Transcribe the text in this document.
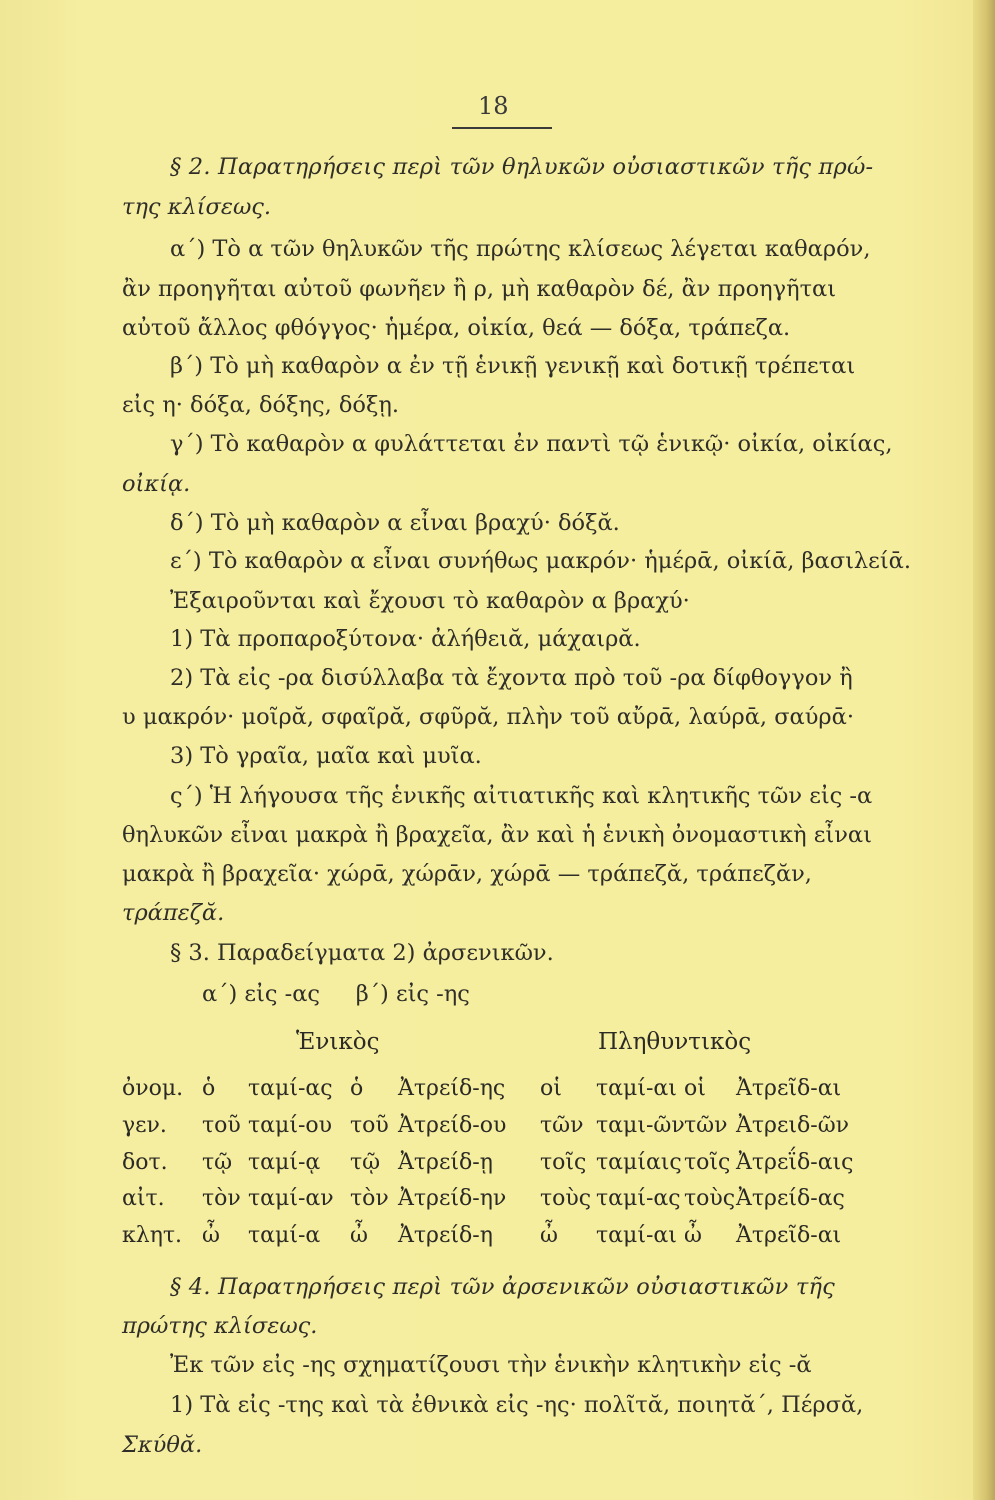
18
§ 2. Παρατηρήσεις περὶ τῶν θηλυκῶν οὐσιαστικῶν τῆς πρώ-
της κλίσεως.
α΄) Τὸ α τῶν θηλυκῶν τῆς πρώτης κλίσεως λέγεται καθαρόν,
ἂν προηγῆται αὐτοῦ φωνῆεν ἢ ρ, μὴ καθαρὸν δέ, ἂν προηγῆται
αὐτοῦ ἄλλος φθόγγος· ἡμέρα, οἰκία, θεά — δόξα, τράπεζα.
β΄) Τὸ μὴ καθαρὸν α ἐν τῇ ἑνικῇ γενικῇ καὶ δοτικῇ τρέπεται
εἰς η· δόξα, δόξης, δόξῃ.
γ΄) Τὸ καθαρὸν α φυλάττεται ἐν παντὶ τῷ ἑνικῷ· οἰκία, οἰκίας,
οἰκίᾳ.
δ΄) Τὸ μὴ καθαρὸν α εἶναι βραχύ· δόξᾰ.
ε΄) Τὸ καθαρὸν α εἶναι συνήθως μακρόν· ἡμέρᾱ, οἰκίᾱ, βασιλείᾱ.
Ἐξαιροῦνται καὶ ἔχουσι τὸ καθαρὸν α βραχύ·
1) Τὰ προπαροξύτονα· ἀλήθειᾰ, μάχαιρᾰ.
2) Τὰ εἰς -ρα δισύλλαβα τὰ ἔχοντα πρὸ τοῦ -ρα δίφθογγον ἢ
υ μακρόν· μοῖρᾰ, σφαῖρᾰ, σφῦρᾰ, πλὴν τοῦ αὔρᾱ, λαύρᾱ, σαύρᾱ·
3) Τὸ γραῖα, μαῖα καὶ μυῖα.
ς΄) Ἡ λήγουσα τῆς ἑνικῆς αἰτιατικῆς καὶ κλητικῆς τῶν εἰς -α
θηλυκῶν εἶναι μακρὰ ἢ βραχεῖα, ἂν καὶ ἡ ἑνικὴ ὀνομαστικὴ εἶναι
μακρὰ ἢ βραχεῖα· χώρᾱ, χώρᾱν, χώρᾱ — τράπεζᾰ, τράπεζᾰν,
τράπεζᾰ.
§ 3. Παραδείγματα 2) ἀρσενικῶν.
α΄) εἰς -ας     β΄) εἰς -ης
Ἑνικὸς	Πληθυντικὸς
ὀνομ. ὁ ταμί-ας ὁ Ἀτρείδ-ης οἱ ταμί-αι οἱ Ἀτρεῖδ-αι
γεν. τοῦ ταμί-ου τοῦ Ἀτρείδ-ου τῶν ταμι-ῶν τῶν Ἀτρειδ-ῶν
δοτ. τῷ ταμί-ᾳ τῷ Ἀτρείδ-ῃ τοῖς ταμίαις τοῖς Ἀτρεΐδ-αις
αἰτ. τὸν ταμί-αν τὸν Ἀτρείδ-ην τοὺς ταμί-ας τοὺς Ἀτρείδ-ας
κλητ. ὦ ταμί-α ὦ Ἀτρείδ-η ὦ ταμί-αι ὦ Ἀτρεῖδ-αι
§ 4. Παρατηρήσεις περὶ τῶν ἀρσενικῶν οὐσιαστικῶν τῆς
πρώτης κλίσεως.
Ἐκ τῶν εἰς -ης σχηματίζουσι τὴν ἑνικὴν κλητικὴν εἰς -ᾰ
1) Τὰ εἰς -της καὶ τὰ ἐθνικὰ εἰς -ης· πολῖτᾰ, ποιητᾰ΄, Πέρσᾰ,
Σκύθᾰ.
